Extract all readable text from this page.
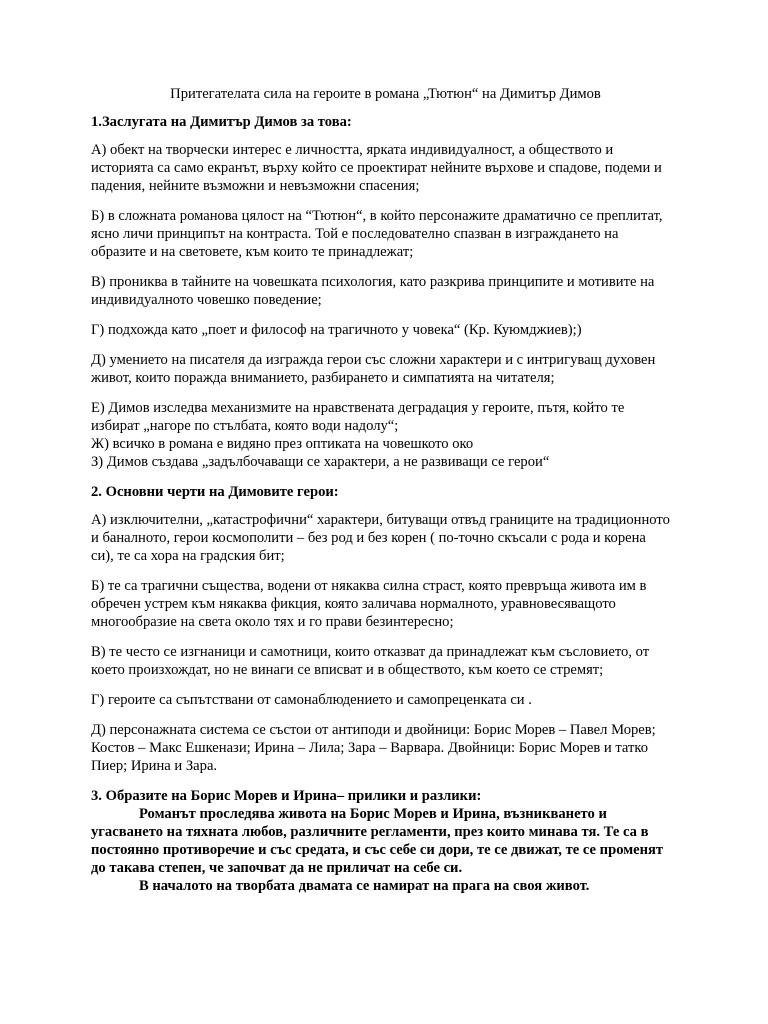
Притегателата сила на героите в романа „Тютюн“ на Димитър Димов

1.Заслугата на Димитър Димов за това:

А) обект на творчески интерес е личността, ярката индивидуалност, а обществото и историята са само екранът, върху който се проектират нейните върхове и спадове, подеми и падения, нейните възможни и невъзможни спасения;

Б) в сложната романова цялост на “Тютюн“, в който персонажите драматично се преплитат, ясно личи принципът на контраста. Той е последователно спазван в изграждането на образите и на световете, към които те принадлежат;

В) прониква в тайните на човешката психология, като разкрива принципите и мотивите на индивидуалното човешко поведение;

Г) подхожда като „поет и философ на трагичното у човека“ (Кр. Куюмджиев);)

Д) умението на писателя да изгражда герои със сложни характери и с интригуващ духовен живот, които поражда вниманието, разбирането и симпатията на читателя;

Е) Димов изследва механизмите на нравствената деградация у героите, пътя, който те избират „нагоре по стълбата, която води надолу“;

Ж) всичко в романа е видяно през оптиката на човешкото око

З) Димов създава „задълбочаващи се характери, а не развиващи се герои“

2. Основни черти на Димовите герои:

А) изключителни, „катастрофични“ характери, битуващи отвъд границите на традиционното и баналното, герои космополити – без род и без корен ( по-точно скъсали с рода и корена си), те са хора на градския бит;

Б) те са трагични същества, водени от някаква силна страст, която превръща живота им в обречен устрем към някаква фикция, която заличава нормалното, уравновесяващото многообразие на света около тях и го прави безинтересно;

В) те често се изгнаници и самотници, които отказват да принадлежат към съсловието, от което произхождат, но не винаги се вписват и в обществото, към което се стремят;

Г) героите са съпътствани от самонаблюдението и самопреценката си .

Д) персонажната система се състои от антиподи и двойници: Борис Морев – Павел Морев; Костов – Макс Ешкенази; Ирина – Лила; Зара – Варвара. Двойници: Борис Морев и татко Пиер; Ирина и Зара.

3. Образите на Борис Морев и Ирина– прилики и разлики:

Романът проследява живота на Борис Морев и Ирина, възникването и угасването на тяхната любов, различните регламенти, през които минава тя. Те са в постоянно противоречие и със средата, и със себе си дори, те се движат, те се променят до такава степен, че започват да не приличат на себе си.

В началото на творбата двамата се намират на прага на своя живот.
